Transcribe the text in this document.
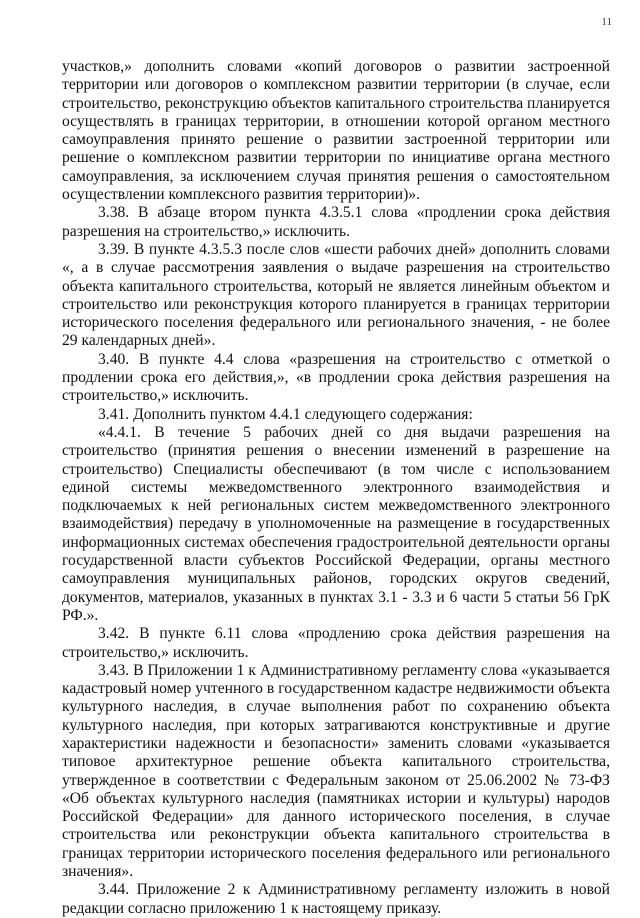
11

участков,» дополнить словами «копий договоров о развитии застроенной территории или договоров о комплексном развитии территории (в случае, если строительство, реконструкцию объектов капитального строительства планируется осуществлять в границах территории, в отношении которой органом местного самоуправления принято решение о развитии застроенной территории или решение о комплексном развитии территории по инициативе органа местного самоуправления, за исключением случая принятия решения о самостоятельном осуществлении комплексного развития территории)».

3.38. В абзаце втором пункта 4.3.5.1 слова «продлении срока действия разрешения на строительство,» исключить.

3.39. В пункте 4.3.5.3 после слов «шести рабочих дней» дополнить словами «, а в случае рассмотрения заявления о выдаче разрешения на строительство объекта капитального строительства, который не является линейным объектом и строительство или реконструкция которого планируется в границах территории исторического поселения федерального или регионального значения, - не более 29 календарных дней».

3.40. В пункте 4.4 слова «разрешения на строительство с отметкой о продлении срока его действия,», «в продлении срока действия разрешения на строительство,» исключить.

3.41. Дополнить пунктом 4.4.1 следующего содержания:

«4.4.1. В течение 5 рабочих дней со дня выдачи разрешения на строительство (принятия решения о внесении изменений в разрешение на строительство) Специалисты обеспечивают (в том числе с использованием единой системы межведомственного электронного взаимодействия и подключаемых к ней региональных систем межведомственного электронного взаимодействия) передачу в уполномоченные на размещение в государственных информационных системах обеспечения градостроительной деятельности органы государственной власти субъектов Российской Федерации, органы местного самоуправления муниципальных районов, городских округов сведений, документов, материалов, указанных в пунктах 3.1 - 3.3 и 6 части 5 статьи 56 ГрК РФ.».

3.42. В пункте 6.11 слова «продлению срока действия разрешения на строительство,» исключить.

3.43. В Приложении 1 к Административному регламенту слова «указывается кадастровый номер учтенного в государственном кадастре недвижимости объекта культурного наследия, в случае выполнения работ по сохранению объекта культурного наследия, при которых затрагиваются конструктивные и другие характеристики надежности и безопасности» заменить словами «указывается типовое архитектурное решение объекта капитального строительства, утвержденное в соответствии с Федеральным законом от 25.06.2002 № 73-ФЗ «Об объектах культурного наследия (памятниках истории и культуры) народов Российской Федерации» для данного исторического поселения, в случае строительства или реконструкции объекта капитального строительства в границах территории исторического поселения федерального или регионального значения».

3.44. Приложение 2 к Административному регламенту изложить в новой редакции согласно приложению 1 к настоящему приказу.
